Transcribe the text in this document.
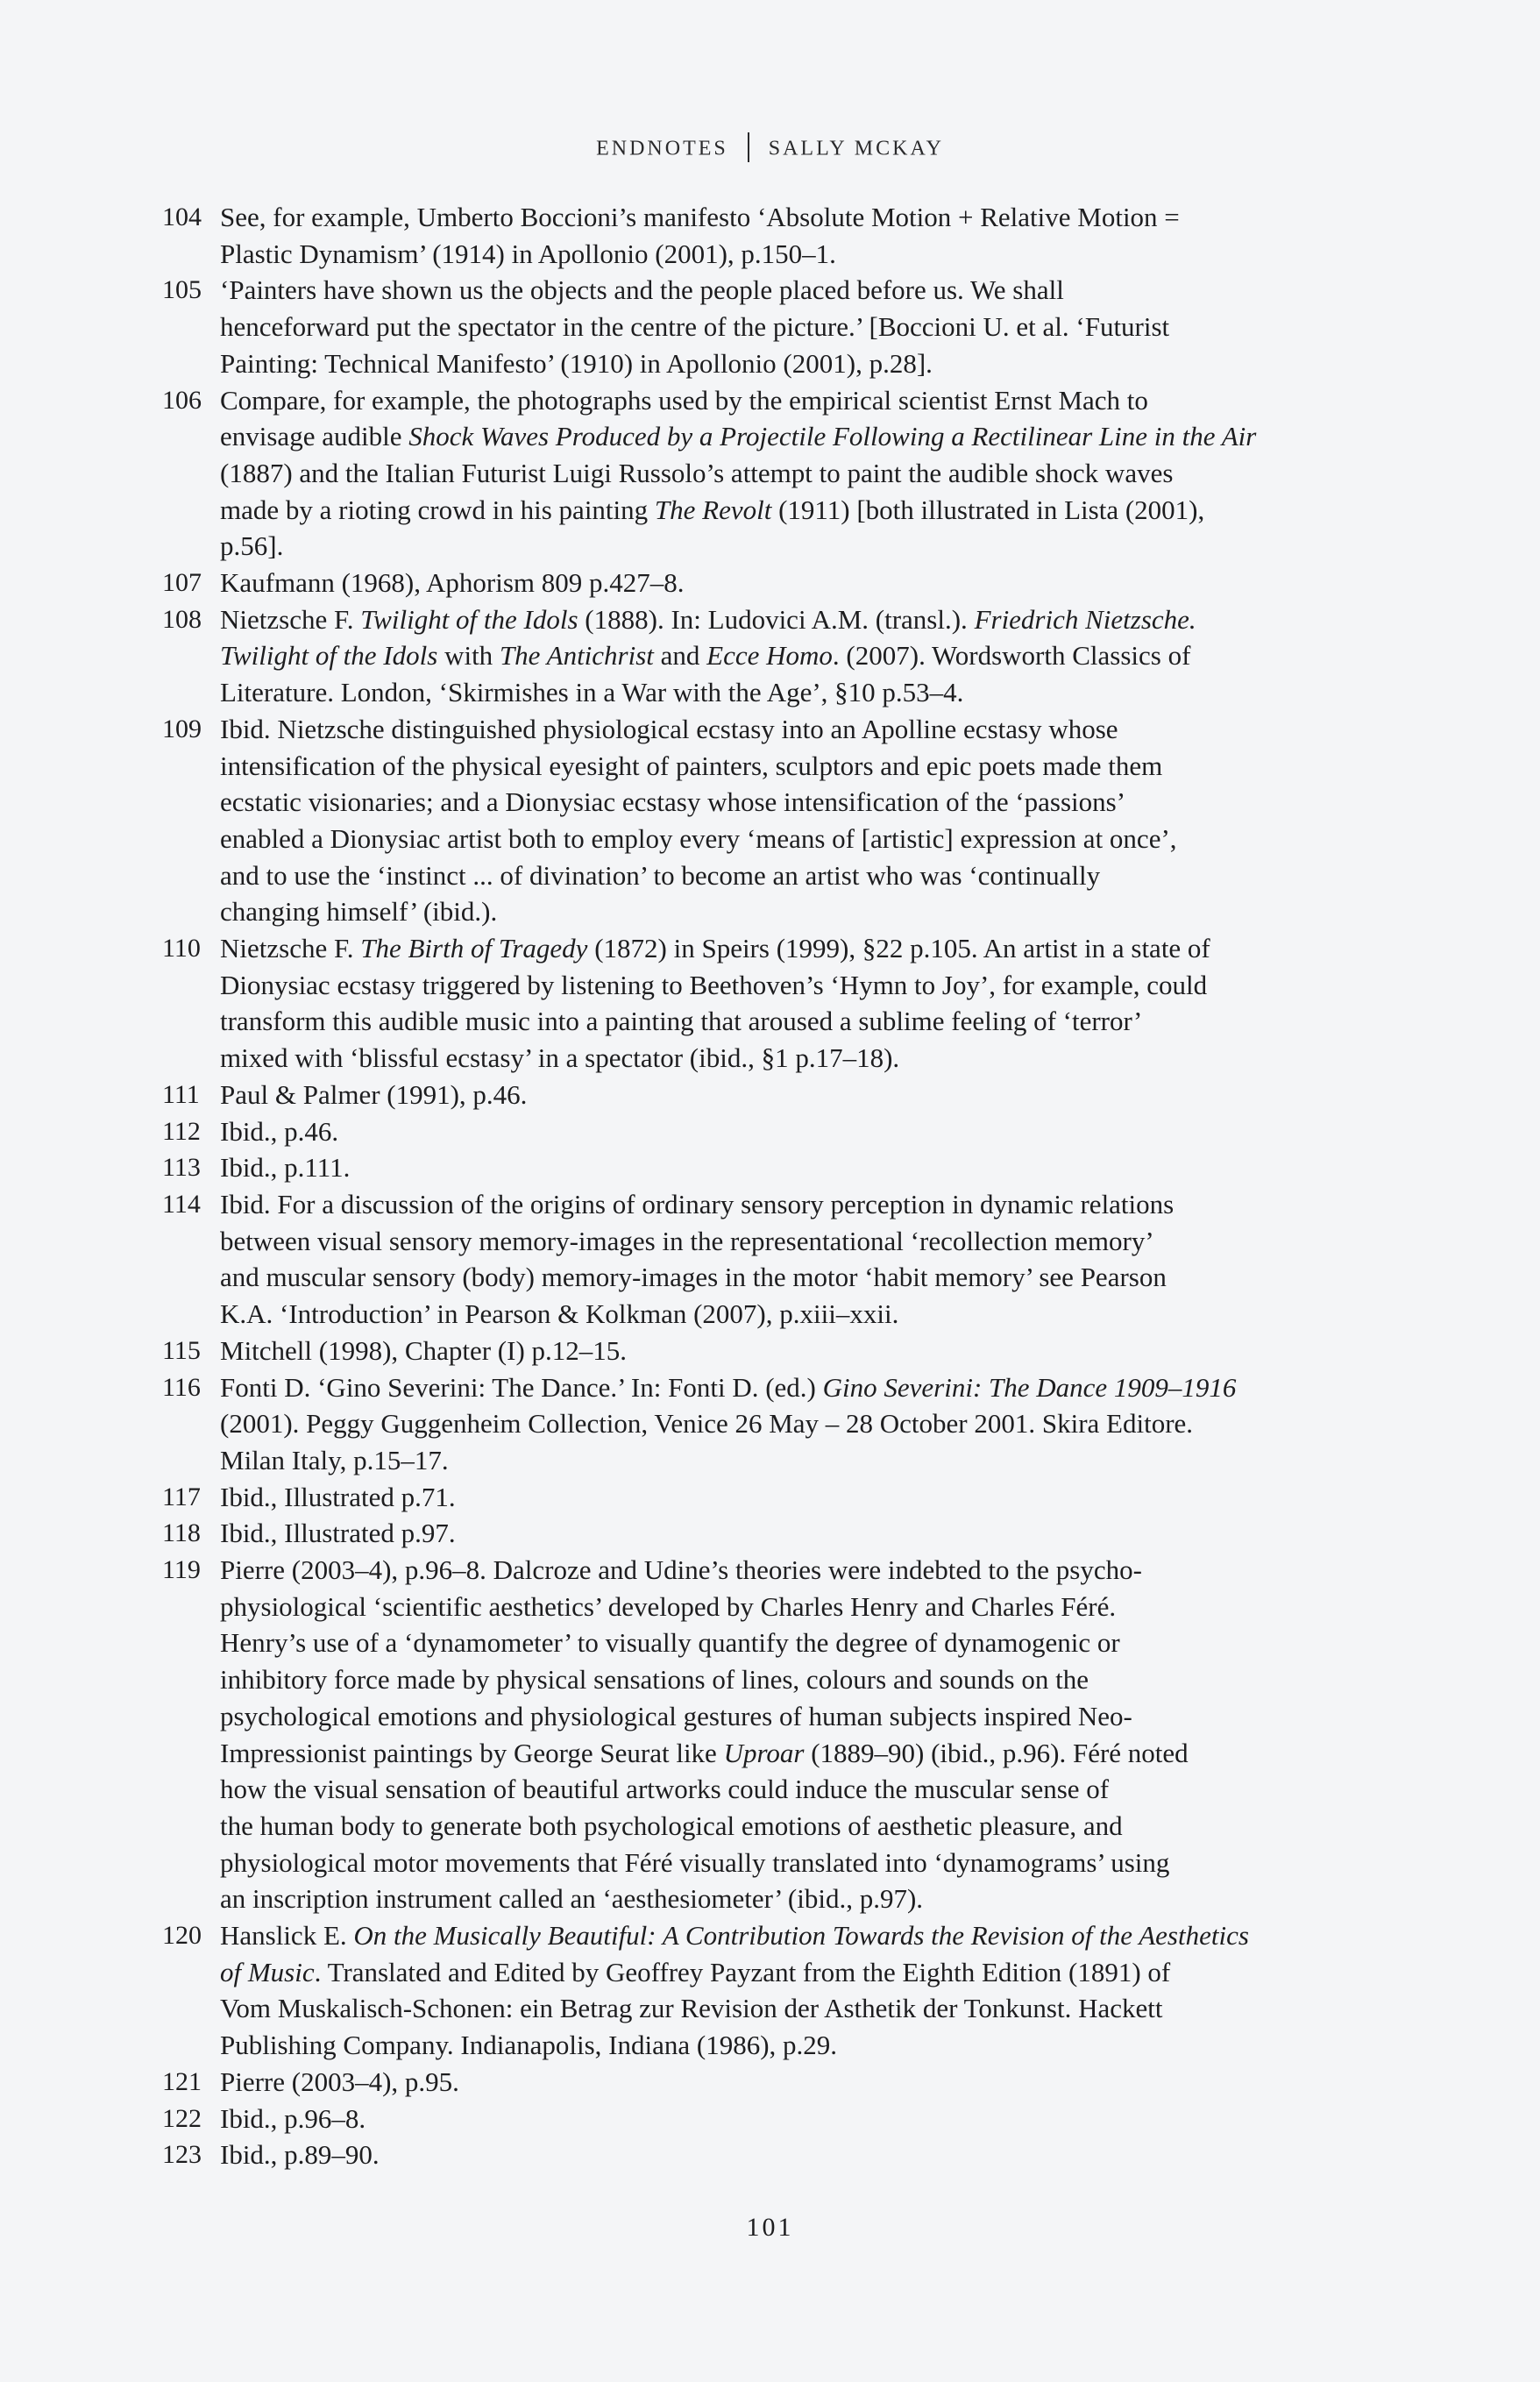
ENDNOTES SALLY MCKAY
104 See, for example, Umberto Boccioni’s manifesto ‘Absolute Motion + Relative Motion =
Plastic Dynamism’ (1914) in Apollonio (2001), p.150–1.
105 ‘Painters have shown us the objects and the people placed before us. We shall
henceforward put the spectator in the centre of the picture.’ [Boccioni U. et al. ‘Futurist
Painting: Technical Manifesto’ (1910) in Apollonio (2001), p.28].
106 Compare, for example, the photographs used by the empirical scientist Ernst Mach to
envisage audible Shock Waves Produced by a Projectile Following a Rectilinear Line in the Air
(1887) and the Italian Futurist Luigi Russolo’s attempt to paint the audible shock waves
made by a rioting crowd in his painting The Revolt (1911) [both illustrated in Lista (2001),
p.56].
107 Kaufmann (1968), Aphorism 809 p.427–8.
108 Nietzsche F. Twilight of the Idols (1888). In: Ludovici A.M. (transl.). Friedrich Nietzsche.
Twilight of the Idols with The Antichrist and Ecce Homo. (2007). Wordsworth Classics of
Literature. London, ‘Skirmishes in a War with the Age’, §10 p.53–4.
109 Ibid. Nietzsche distinguished physiological ecstasy into an Apolline ecstasy whose
intensification of the physical eyesight of painters, sculptors and epic poets made them
ecstatic visionaries; and a Dionysiac ecstasy whose intensification of the ‘passions’
enabled a Dionysiac artist both to employ every ‘means of [artistic] expression at once’,
and to use the ‘instinct ... of divination’ to become an artist who was ‘continually
changing himself’ (ibid.).
110 Nietzsche F. The Birth of Tragedy (1872) in Speirs (1999), §22 p.105. An artist in a state of
Dionysiac ecstasy triggered by listening to Beethoven’s ‘Hymn to Joy’, for example, could
transform this audible music into a painting that aroused a sublime feeling of ‘terror’
mixed with ‘blissful ecstasy’ in a spectator (ibid., §1 p.17–18).
111 Paul & Palmer (1991), p.46.
112 Ibid., p.46.
113 Ibid., p.111.
114 Ibid. For a discussion of the origins of ordinary sensory perception in dynamic relations
between visual sensory memory-images in the representational ‘recollection memory’
and muscular sensory (body) memory-images in the motor ‘habit memory’ see Pearson
K.A. ‘Introduction’ in Pearson & Kolkman (2007), p.xiii–xxii.
115 Mitchell (1998), Chapter (I) p.12–15.
116 Fonti D. ‘Gino Severini: The Dance.’ In: Fonti D. (ed.) Gino Severini: The Dance 1909–1916
(2001). Peggy Guggenheim Collection, Venice 26 May – 28 October 2001. Skira Editore.
Milan Italy, p.15–17.
117 Ibid., Illustrated p.71.
118 Ibid., Illustrated p.97.
119 Pierre (2003–4), p.96–8. Dalcroze and Udine’s theories were indebted to the psycho-
physiological ‘scientific aesthetics’ developed by Charles Henry and Charles Féré.
Henry’s use of a ‘dynamometer’ to visually quantify the degree of dynamogenic or
inhibitory force made by physical sensations of lines, colours and sounds on the
psychological emotions and physiological gestures of human subjects inspired Neo-
Impressionist paintings by George Seurat like Uproar (1889–90) (ibid., p.96). Féré noted
how the visual sensation of beautiful artworks could induce the muscular sense of
the human body to generate both psychological emotions of aesthetic pleasure, and
physiological motor movements that Féré visually translated into ‘dynamograms’ using
an inscription instrument called an ‘aesthesiometer’ (ibid., p.97).
120 Hanslick E. On the Musically Beautiful: A Contribution Towards the Revision of the Aesthetics
of Music. Translated and Edited by Geoffrey Payzant from the Eighth Edition (1891) of
Vom Muskalisch-Schonen: ein Betrag zur Revision der Asthetik der Tonkunst. Hackett
Publishing Company. Indianapolis, Indiana (1986), p.29.
121 Pierre (2003–4), p.95.
122 Ibid., p.96–8.
123 Ibid., p.89–90.
101
